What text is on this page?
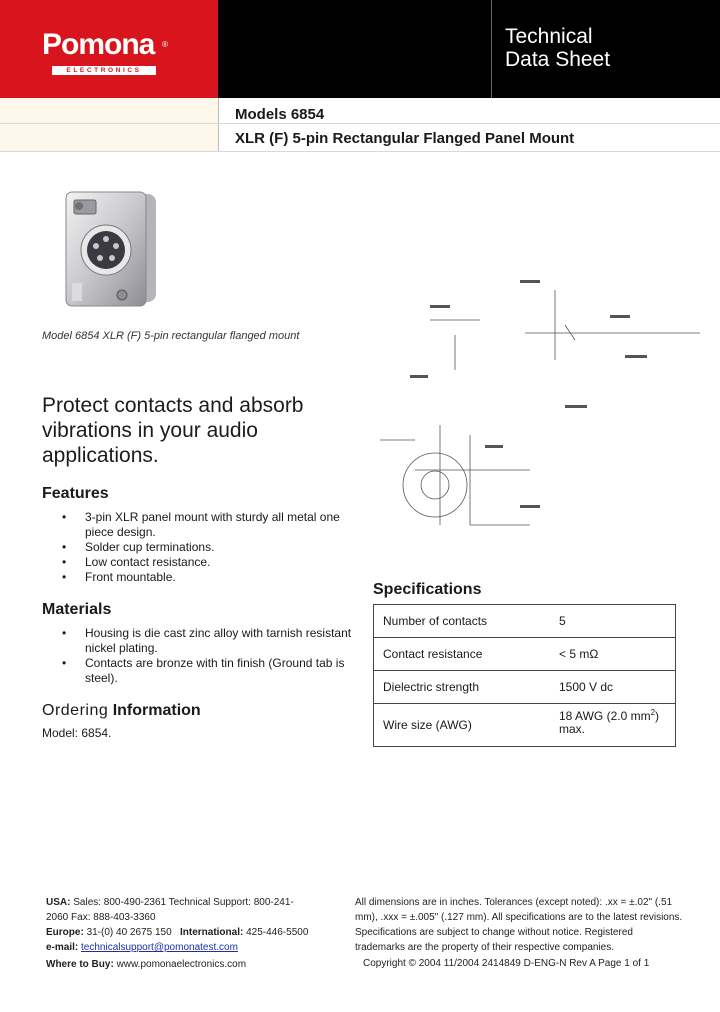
Pomona ®
ELECTRONICS
Technical
Data Sheet
Models 6854
XLR (F) 5-pin Rectangular Flanged Panel Mount
Model 6854 XLR (F) 5-pin rectangular flanged mount
Protect contacts and absorb
vibrations in your audio
applications.
Features
• 3-pin XLR panel mount with sturdy all metal one piece design.
• Solder cup terminations.
• Low contact resistance.
• Front mountable.
Materials
• Housing is die cast zinc alloy with tarnish resistant nickel plating.
• Contacts are bronze with tin finish (Ground tab is steel).
Ordering Information
Model: 6854.
Specifications
Number of contacts	5
Contact resistance	< 5 mΩ
Dielectric strength	1500 V dc
Wire size (AWG)	18 AWG (2.0 $mm^2$)
max.
USA: Sales: 800-490-2361 Technical Support: 800-241-2060 Fax: 888-403-3360
Europe: 31-(0) 40 2675 150 International: 425-446-5500
e-mail: technicalsupport@pomonatest.com
Where to Buy: www.pomonaelectronics.com
All dimensions are in inches. Tolerances (except noted): .xx = ±.02" (.51 mm), .xxx = ±.005" (.127 mm). All specifications are to the latest revisions. Specifications are subject to change without notice. Registered trademarks are the property of their respective companies.
Copyright © 2004 11/2004 2414849 D-ENG-N Rev A Page 1 of 1
